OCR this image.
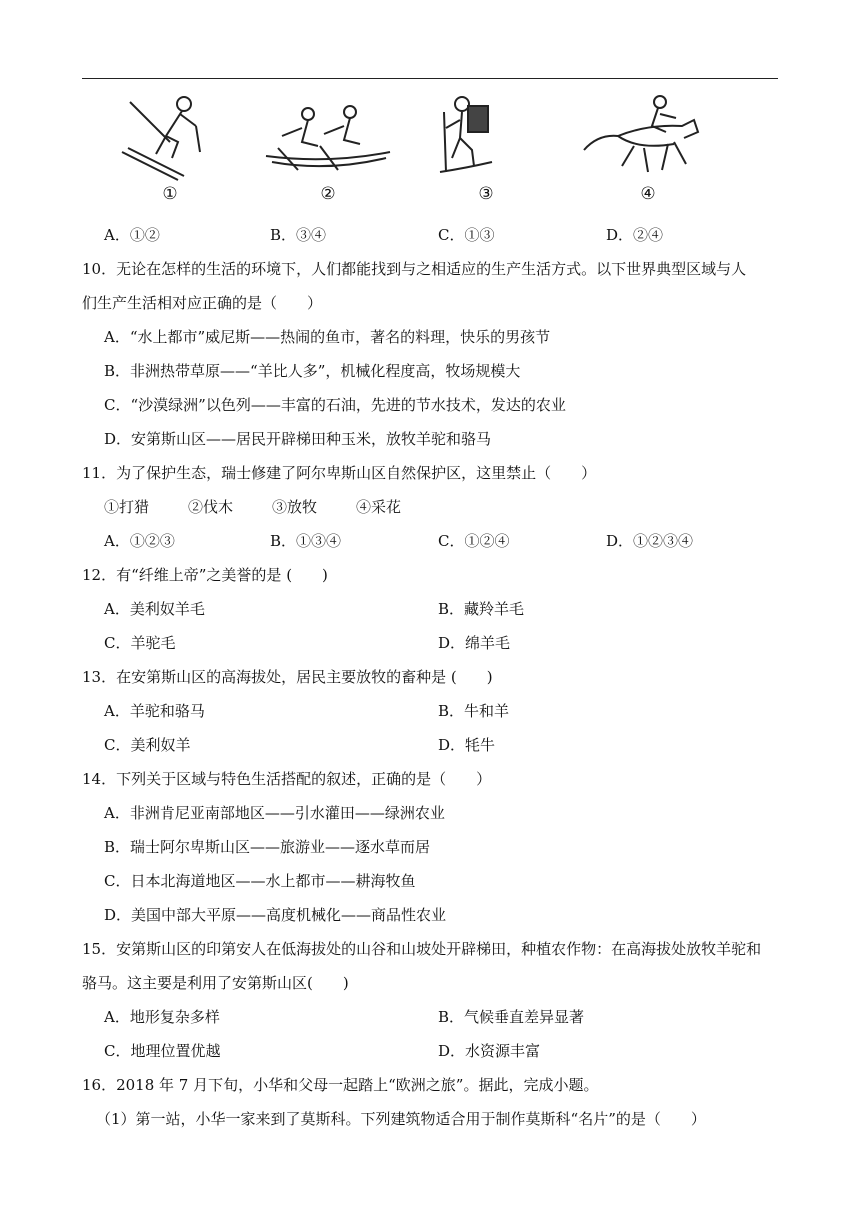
①	②	③	④
A．①②	B．③④	C．①③	D．②④
10．无论在怎样的生活的环境下，人们都能找到与之相适应的生产生活方式。以下世界典型区域与人
们生产生活相对应正确的是（　　）
A．“水上都市”威尼斯——热闹的鱼市，著名的料理，快乐的男孩节
B．非洲热带草原——“羊比人多”，机械化程度高，牧场规模大
C．“沙漠绿洲”以色列——丰富的石油，先进的节水技术，发达的农业
D．安第斯山区——居民开辟梯田种玉米，放牧羊驼和骆马
11．为了保护生态，瑞士修建了阿尔卑斯山区自然保护区，这里禁止（　　）
①打猎	②伐木	③放牧	④采花
A．①②③	B．①③④	C．①②④	D．①②③④
12．有“纤维上帝”之美誉的是 (　　)
A．美利奴羊毛	B．藏羚羊毛
C．羊驼毛	D．绵羊毛
13．在安第斯山区的高海拔处，居民主要放牧的畜种是 (　　)
A．羊驼和骆马	B．牛和羊
C．美利奴羊	D．牦牛
14．下列关于区域与特色生活搭配的叙述，正确的是（　　）
A．非洲肯尼亚南部地区——引水灌田——绿洲农业
B．瑞士阿尔卑斯山区——旅游业——逐水草而居
C．日本北海道地区——水上都市——耕海牧鱼
D．美国中部大平原——高度机械化——商品性农业
15．安第斯山区的印第安人在低海拔处的山谷和山坡处开辟梯田，种植农作物：在高海拔处放牧羊驼和
骆马。这主要是利用了安第斯山区(　　)
A．地形复杂多样	B．气候垂直差异显著
C．地理位置优越	D．水资源丰富
16．2018 年 7 月下旬，小华和父母一起踏上“欧洲之旅”。据此，完成小题。
（1）第一站，小华一家来到了莫斯科。下列建筑物适合用于制作莫斯科“名片”的是（　　）
